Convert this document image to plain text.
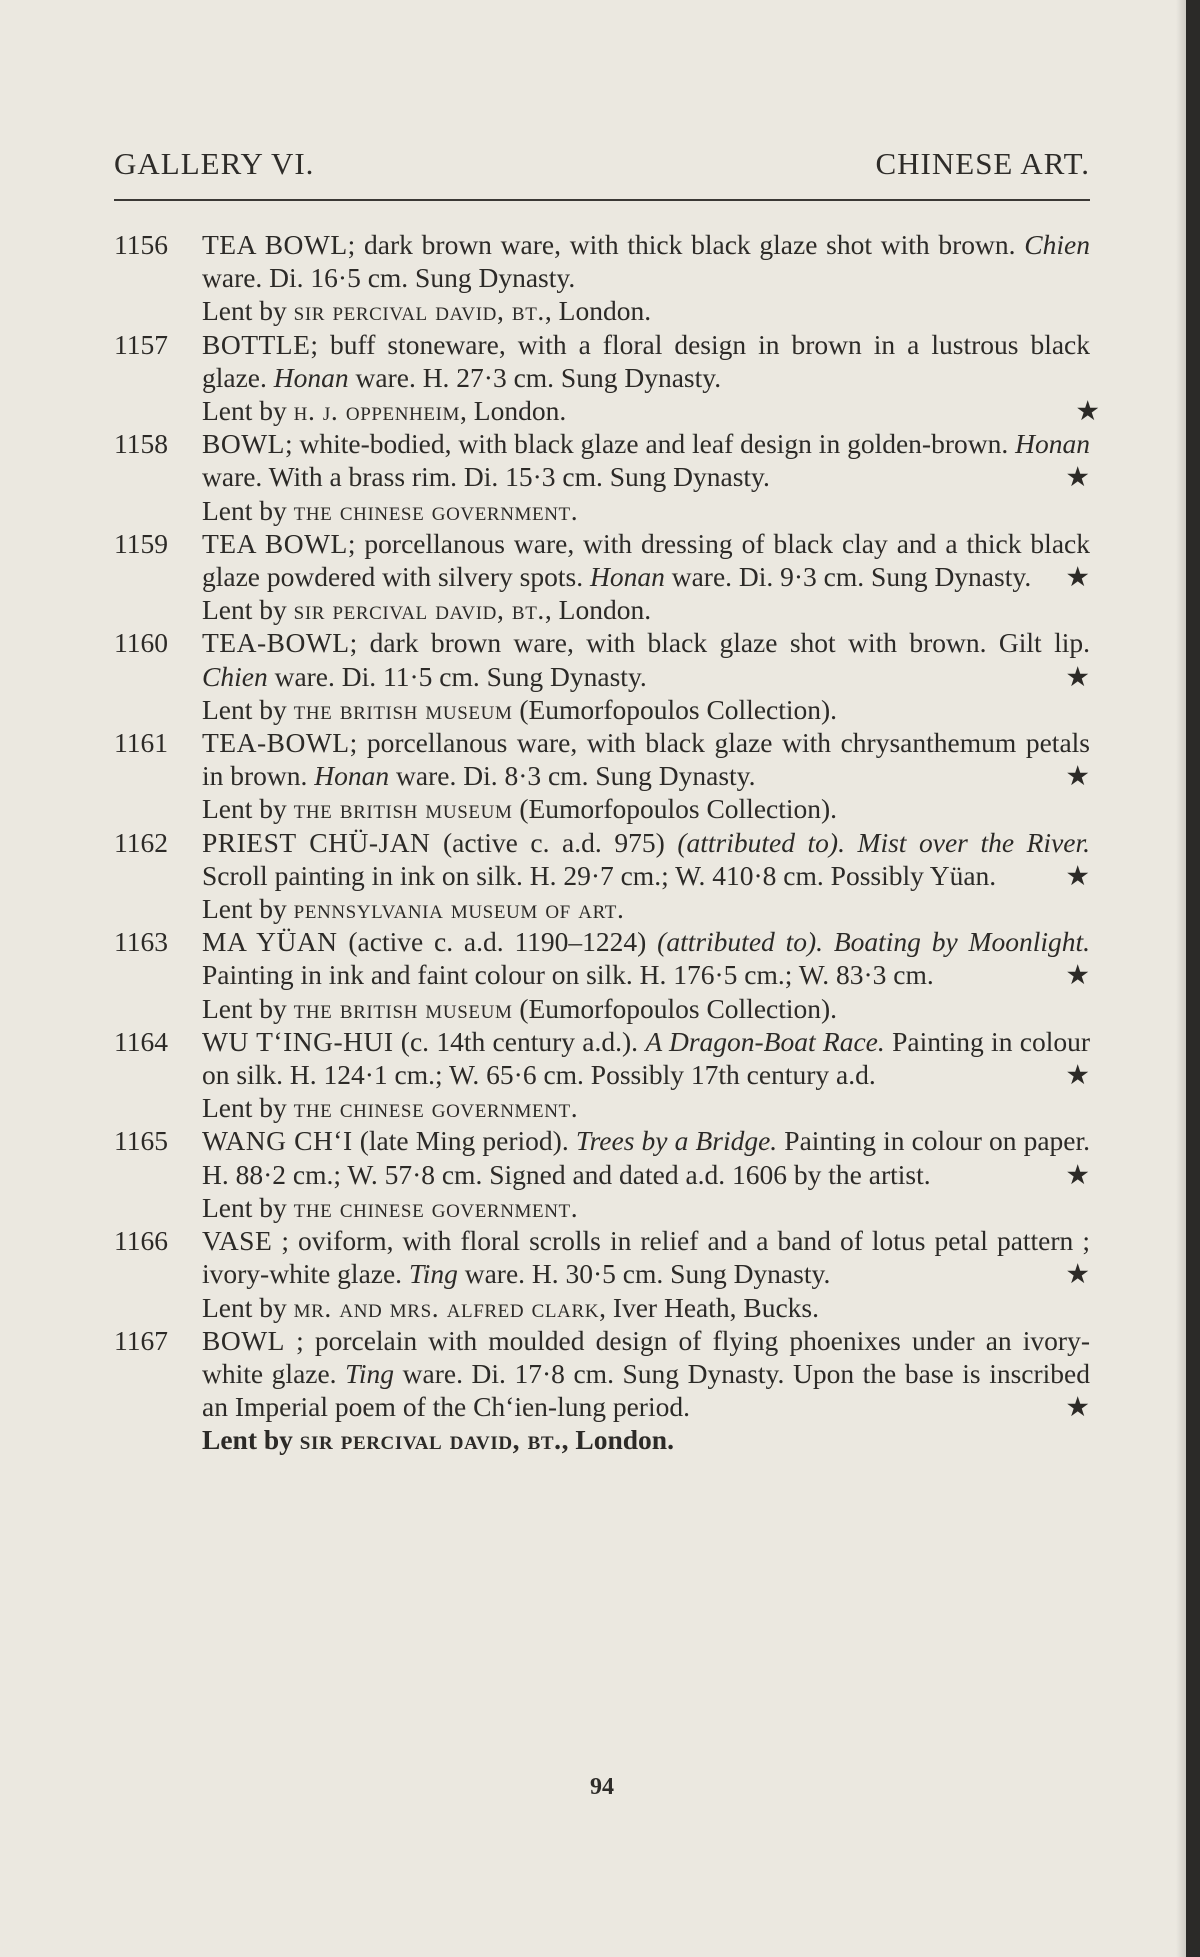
GALLERY VI.	CHINESE ART.
1156	TEA BOWL; dark brown ware, with thick black glaze shot with brown. Chien ware. Di. 16·5 cm. Sung Dynasty.
Lent by sir percival david, bt., London.
1157	BOTTLE; buff stoneware, with a floral design in brown in a lustrous black glaze. Honan ware. H. 27·3 cm. Sung Dynasty.
Lent by h. j. oppenheim, London.	★
1158	BOWL; white-bodied, with black glaze and leaf design in golden-brown. Honan ware. With a brass rim. Di. 15·3 cm. Sung Dynasty.	★
Lent by the chinese government.
1159	TEA BOWL; porcellanous ware, with dressing of black clay and a thick black glaze powdered with silvery spots. Honan ware. Di. 9·3 cm. Sung Dynasty. ★
Lent by sir percival david, bt., London.
1160	TEA-BOWL; dark brown ware, with black glaze shot with brown. Gilt lip. Chien ware. Di. 11·5 cm. Sung Dynasty.	★
Lent by the british museum (Eumorfopoulos Collection).
1161	TEA-BOWL; porcellanous ware, with black glaze with chrysanthemum petals in brown. Honan ware. Di. 8·3 cm. Sung Dynasty.	★
Lent by the british museum (Eumorfopoulos Collection).
1162	PRIEST CHÜ-JAN (active c. a.d. 975) (attributed to). Mist over the River. Scroll painting in ink on silk. H. 29·7 cm.; W. 410·8 cm. Possibly Yüan.	★
Lent by pennsylvania museum of art.
1163	MA YÜAN (active c. a.d. 1190–1224) (attributed to). Boating by Moonlight. Painting in ink and faint colour on silk. H. 176·5 cm.; W. 83·3 cm.	★
Lent by the british museum (Eumorfopoulos Collection).
1164	WU T‘ING-HUI (c. 14th century a.d.). A Dragon-Boat Race. Painting in colour on silk. H. 124·1 cm.; W. 65·6 cm. Possibly 17th century a.d.	★
Lent by the chinese government.
1165	WANG CH‘I (late Ming period). Trees by a Bridge. Painting in colour on paper. H. 88·2 cm.; W. 57·8 cm. Signed and dated a.d. 1606 by the artist.	★
Lent by the chinese government.
1166	VASE ; oviform, with floral scrolls in relief and a band of lotus petal pattern ; ivory-white glaze. Ting ware. H. 30·5 cm. Sung Dynasty.	★
Lent by mr. and mrs. alfred clark, Iver Heath, Bucks.
1167	BOWL ; porcelain with moulded design of flying phoenixes under an ivory-white glaze. Ting ware. Di. 17·8 cm. Sung Dynasty. Upon the base is inscribed an Imperial poem of the Ch‘ien-lung period.	★
Lent by sir percival david, bt., London.
94
